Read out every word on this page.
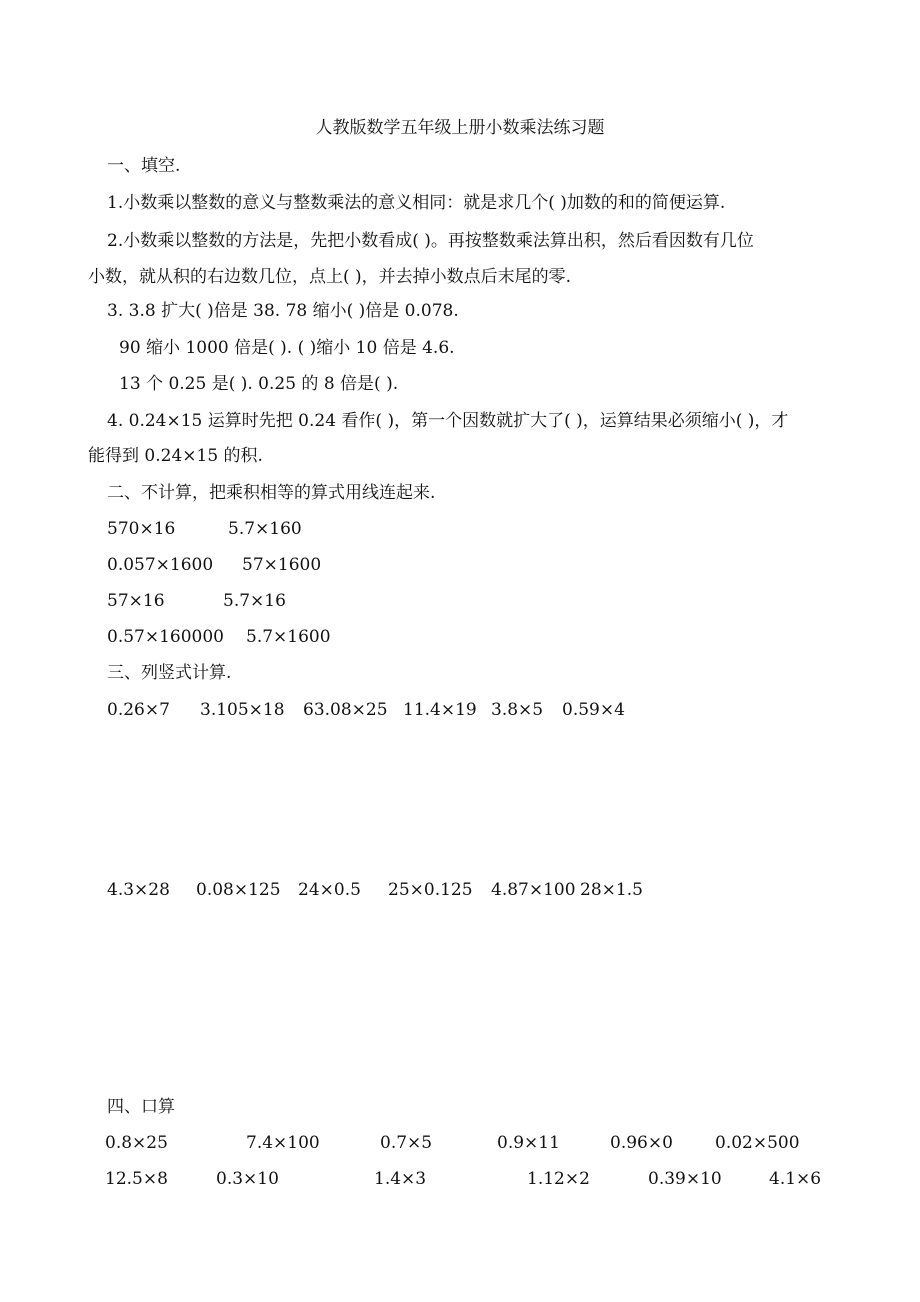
人教版数学五年级上册小数乘法练习题
一、填空.
1.小数乘以整数的意义与整数乘法的意义相同：就是求几个( )加数的和的简便运算.
2.小数乘以整数的方法是，先把小数看成( )。再按整数乘法算出积，然后看因数有几位
小数，就从积的右边数几位，点上( )，并去掉小数点后末尾的零.
3. 3.8 扩大( )倍是 38. 78 缩小( )倍是 0.078.
90 缩小 1000 倍是( ). ( )缩小 10 倍是 4.6.
13 个 0.25 是( ). 0.25 的 8 倍是( ).
4. 0.24×15 运算时先把 0.24 看作( )，第一个因数就扩大了( )，运算结果必须缩小( )，才
能得到 0.24×15 的积.
二、不计算，把乘积相等的算式用线连起来.
570×16	5.7×160
0.057×1600 57×1600
57×16	5.7×16
0.57×160000 5.7×1600
三、列竖式计算.
0.26×7 3.105×18 63.08×25 11.4×19 3.8×5 0.59×4
4.3×28 0.08×125 24×0.5 25×0.125 4.87×100 28×1.5
四、口算
0.8×25	7.4×100	0.7×5	0.9×11	0.96×0 0.02×500
12.5×8	0.3×10	1.4×3	1.12×2	0.39×10	4.1×6
